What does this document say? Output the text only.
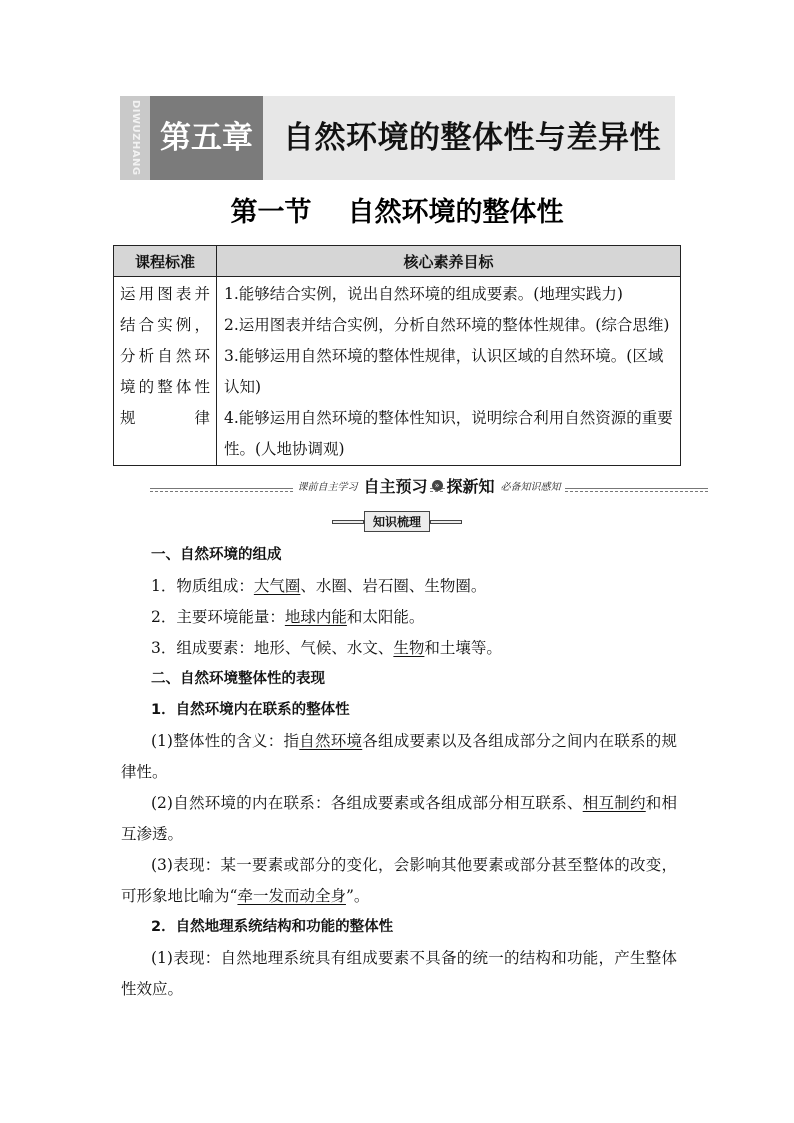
DIWUZHANG 第五章 自然环境的整体性与差异性
第一节 自然环境的整体性
课程标准	核心素养目标
运用图表并结合实例，分析自然环境的整体性规律	1.能够结合实例，说出自然环境的组成要素。(地理实践力)
2.运用图表并结合实例，分析自然环境的整体性规律。(综合思维)
3.能够运用自然环境的整体性规律，认识区域的自然环境。(区域认知)
4.能够运用自然环境的整体性知识，说明综合利用自然资源的重要性。(人地协调观)
课前自主学习 自主预习 » 探新知 必备知识感知
知识梳理

一、自然环境的组成

1．物质组成：大气圈、水圈、岩石圈、生物圈。

2．主要环境能量：地球内能和太阳能。

3．组成要素：地形、气候、水文、生物和土壤等。

二、自然环境整体性的表现

1．自然环境内在联系的整体性

(1)整体性的含义：指自然环境各组成要素以及各组成部分之间内在联系的规律性。

(2)自然环境的内在联系：各组成要素或各组成部分相互联系、相互制约和相互渗透。

(3)表现：某一要素或部分的变化，会影响其他要素或部分甚至整体的改变，可形象地比喻为“牵一发而动全身”。

2．自然地理系统结构和功能的整体性

(1)表现：自然地理系统具有组成要素不具备的统一的结构和功能，产生整体性效应。
